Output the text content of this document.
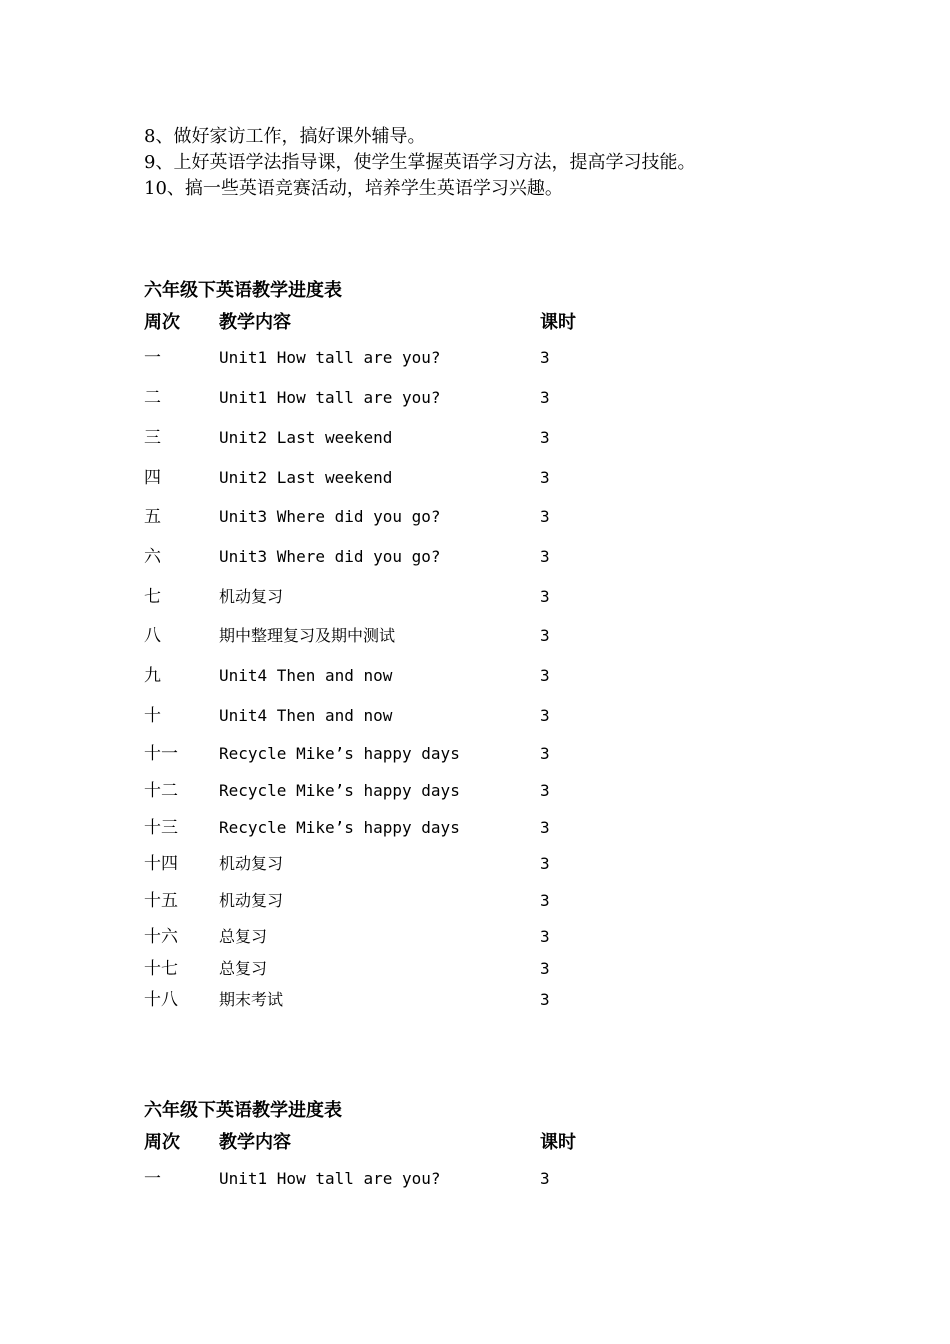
8、做好家访工作，搞好课外辅导。
9、上好英语学法指导课，使学生掌握英语学习方法，提高学习技能。
10、搞一些英语竞赛活动，培养学生英语学习兴趣。
六年级下英语教学进度表
周次 教学内容	课时
一	Unit1 How tall are you?	3
二	Unit1 How tall are you?	3
三	Unit2 Last weekend	3
四	Unit2 Last weekend	3
五	Unit3 Where did you go?	3
六	Unit3 Where did you go?	3
七	机动复习	3
八	期中整理复习及期中测试	3
九	Unit4 Then and now	3
十	Unit4 Then and now	3
十一	Recycle Mike’s happy days	3
十二	Recycle Mike’s happy days	3
十三	Recycle Mike’s happy days	3
十四	机动复习	3
十五	机动复习	3
十六	总复习	3
十七	总复习	3
十八	期末考试	3
六年级下英语教学进度表
周次 教学内容	课时
一	Unit1 How tall are you?	3
